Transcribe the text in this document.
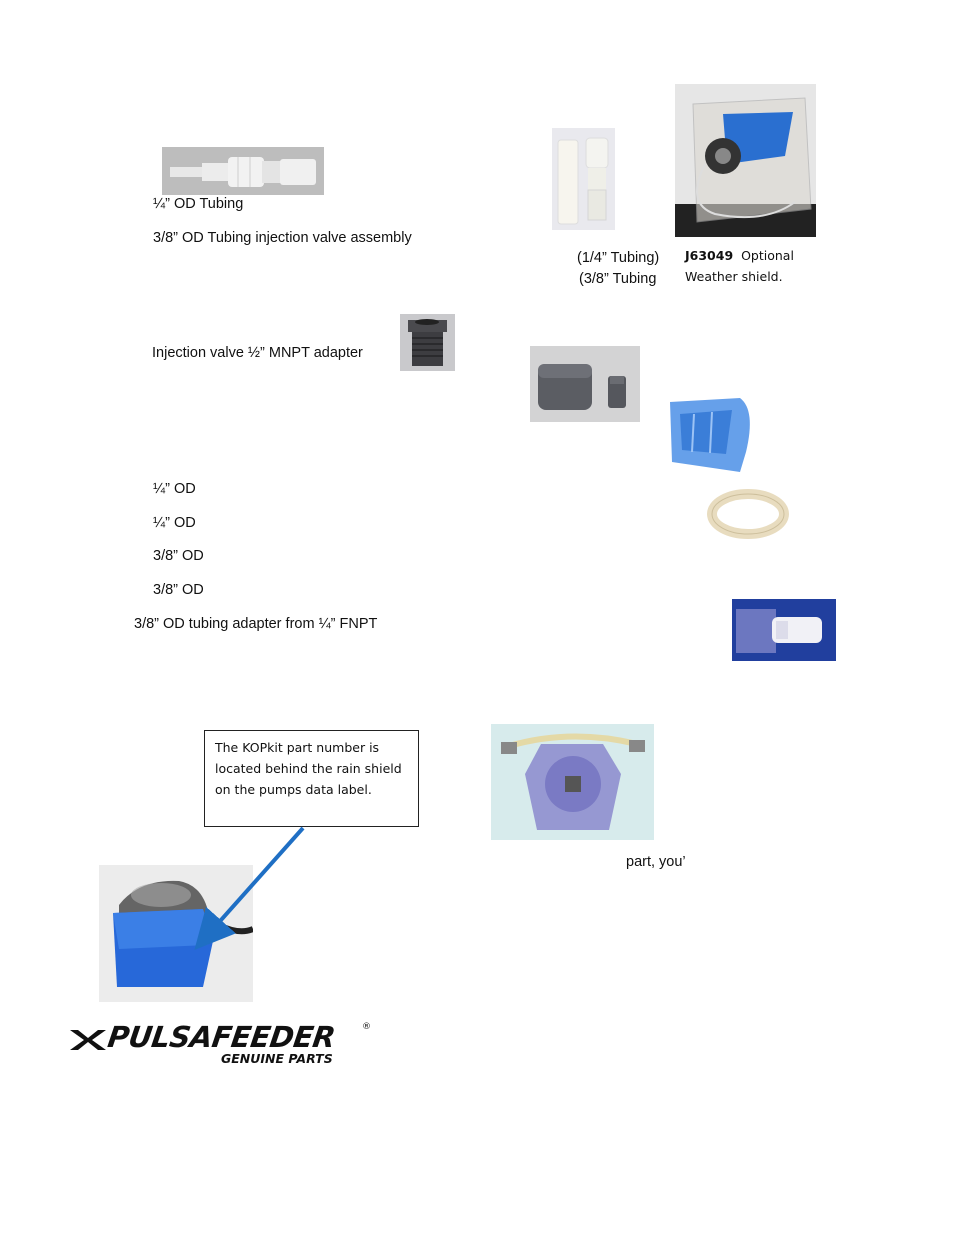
¼” OD Tubing
3/8” OD Tubing injection valve assembly
Injection valve ½” MNPT adapter
¼” OD
¼” OD
3/8” OD
3/8” OD
3/8” OD tubing adapter from ¼” FNPT
(1/4” Tubing)
(3/8” Tubing
J63049 Optional
Weather shield.
part, you’
The KOPkit part number is
located behind the rain shield
on the pumps data label.
PULSAFEEDER	®
GENUINE PARTS
